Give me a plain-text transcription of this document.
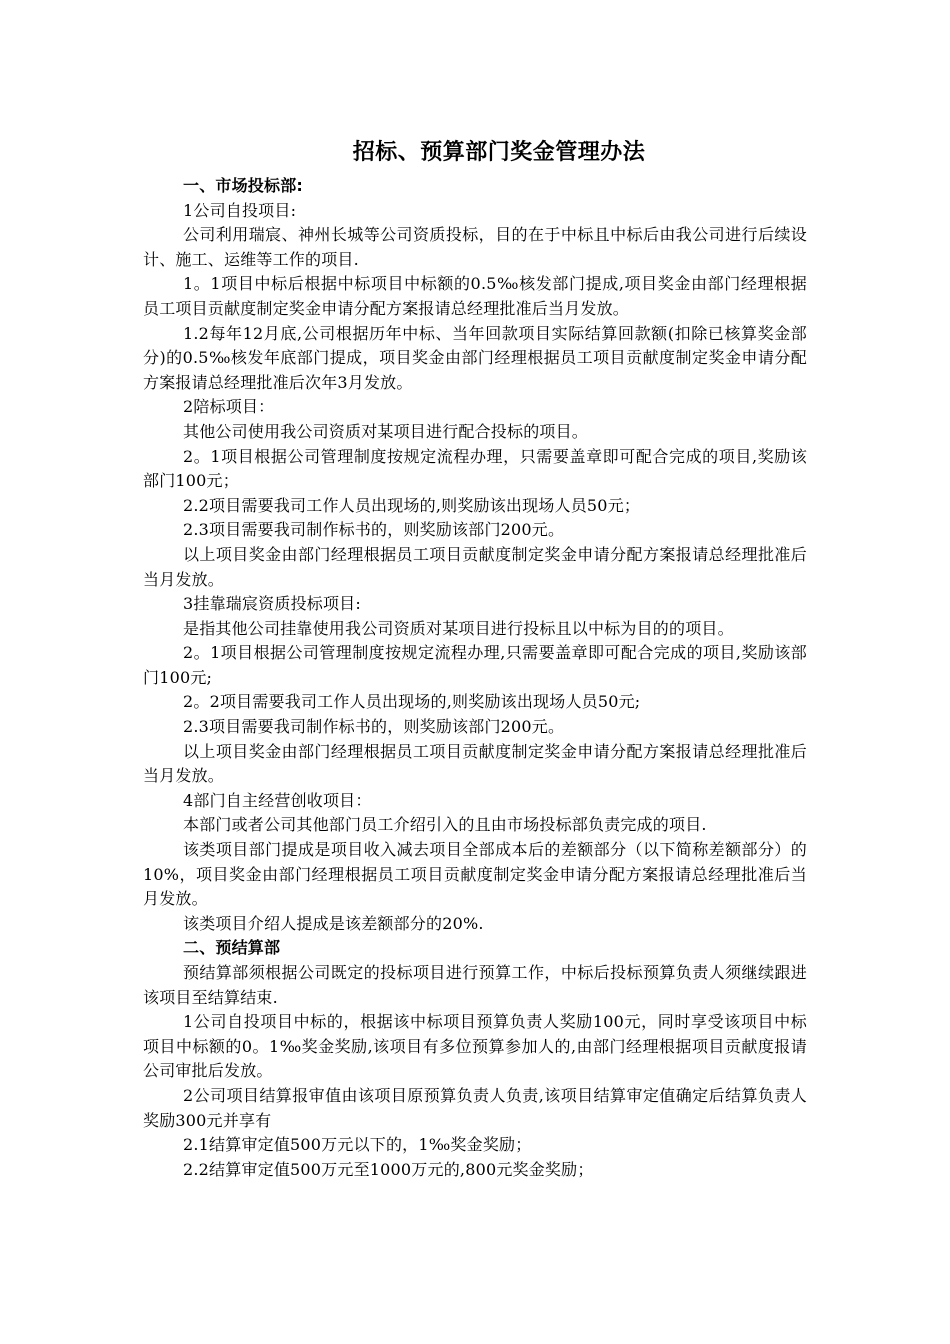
招标、预算部门奖金管理办法

一、市场投标部:

1公司自投项目:

公司利用瑞宸、神州长城等公司资质投标，目的在于中标且中标后由我公司进行后续设计、施工、运维等工作的项目.

1。1项目中标后根据中标项目中标额的0.5‰核发部门提成,项目奖金由部门经理根据员工项目贡献度制定奖金申请分配方案报请总经理批准后当月发放。

1.2每年12月底,公司根据历年中标、当年回款项目实际结算回款额(扣除已核算奖金部分)的0.5‰核发年底部门提成，项目奖金由部门经理根据员工项目贡献度制定奖金申请分配方案报请总经理批准后次年3月发放。

2陪标项目：

其他公司使用我公司资质对某项目进行配合投标的项目。

2。1项目根据公司管理制度按规定流程办理，只需要盖章即可配合完成的项目,奖励该部门100元；

2.2项目需要我司工作人员出现场的,则奖励该出现场人员50元；

2.3项目需要我司制作标书的，则奖励该部门200元。

以上项目奖金由部门经理根据员工项目贡献度制定奖金申请分配方案报请总经理批准后当月发放。

3挂靠瑞宸资质投标项目:

是指其他公司挂靠使用我公司资质对某项目进行投标且以中标为目的的项目。

2。1项目根据公司管理制度按规定流程办理,只需要盖章即可配合完成的项目,奖励该部门100元;

2。2项目需要我司工作人员出现场的,则奖励该出现场人员50元;

2.3项目需要我司制作标书的，则奖励该部门200元。

以上项目奖金由部门经理根据员工项目贡献度制定奖金申请分配方案报请总经理批准后当月发放。

4部门自主经营创收项目：

本部门或者公司其他部门员工介绍引入的且由市场投标部负责完成的项目.

该类项目部门提成是项目收入减去项目全部成本后的差额部分（以下简称差额部分）的10%，项目奖金由部门经理根据员工项目贡献度制定奖金申请分配方案报请总经理批准后当月发放。

该类项目介绍人提成是该差额部分的20%.

二、预结算部

预结算部须根据公司既定的投标项目进行预算工作，中标后投标预算负责人须继续跟进该项目至结算结束.

1公司自投项目中标的，根据该中标项目预算负责人奖励100元，同时享受该项目中标项目中标额的0。1‰奖金奖励,该项目有多位预算参加人的,由部门经理根据项目贡献度报请公司审批后发放。

2公司项目结算报审值由该项目原预算负责人负责,该项目结算审定值确定后结算负责人奖励300元并享有

2.1结算审定值500万元以下的，1‰奖金奖励；

2.2结算审定值500万元至1000万元的,800元奖金奖励；
